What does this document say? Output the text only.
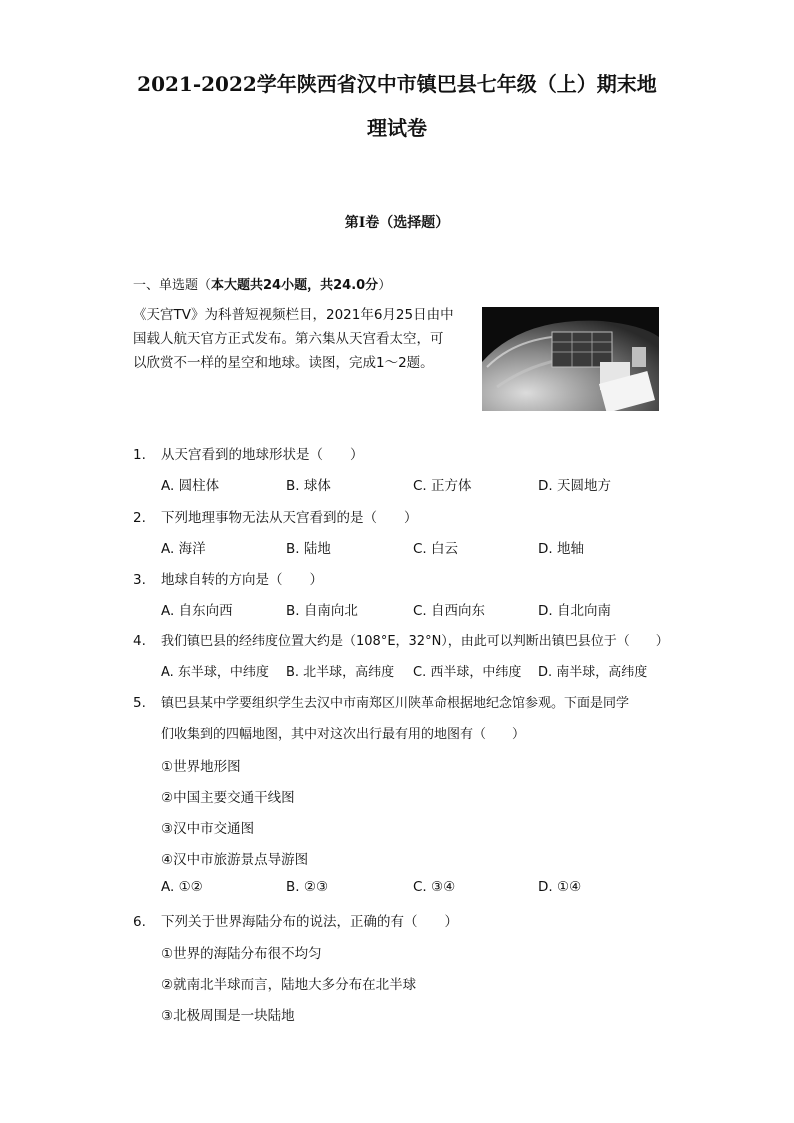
2021-2022学年陕西省汉中市镇巴县七年级（上）期末地
理试卷
第I卷（选择题）
一、单选题（本大题共24小题，共24.0分）
《天宫TV》为科普短视频栏目，2021年6月25日由中
国载人航天官方正式发布。第六集从天宫看太空，可
以欣赏不一样的星空和地球。读图，完成1～2题。
1. 从天宫看到的地球形状是（　　）
A. 圆柱体	B. 球体	C. 正方体	D. 天圆地方
2. 下列地理事物无法从天宫看到的是（　　）
A. 海洋	B. 陆地	C. 白云	D. 地轴
3. 地球自转的方向是（　　）
A. 自东向西	B. 自南向北	C. 自西向东	D. 自北向南
4. 我们镇巴县的经纬度位置大约是（108°E，32°N），由此可以判断出镇巴县位于（　　）
A. 东半球，中纬度 B. 北半球，高纬度 C. 西半球，中纬度 D. 南半球，高纬度
5. 镇巴县某中学要组织学生去汉中市南郑区川陕革命根据地纪念馆参观。下面是同学
们收集到的四幅地图，其中对这次出行最有用的地图有（　　）
①世界地形图
②中国主要交通干线图
③汉中市交通图
④汉中市旅游景点导游图
A. ①②	B. ②③	C. ③④	D. ①④
6. 下列关于世界海陆分布的说法，正确的有（　　）
①世界的海陆分布很不均匀
②就南北半球而言，陆地大多分布在北半球
③北极周围是一块陆地
